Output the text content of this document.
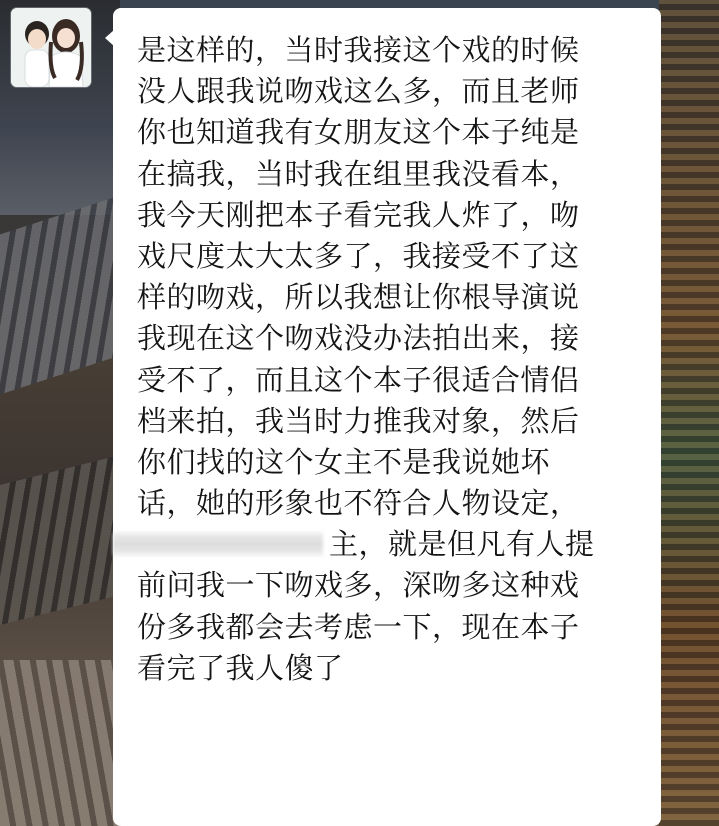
是这样的，当时我接这个戏的时候
没人跟我说吻戏这么多，而且老师
你也知道我有女朋友这个本子纯是
在搞我，当时我在组里我没看本，
我今天刚把本子看完我人炸了，吻
戏尺度太大太多了，我接受不了这
样的吻戏，所以我想让你根导演说
我现在这个吻戏没办法拍出来，接
受不了，而且这个本子很适合情侣
档来拍，我当时力推我对象，然后
你们找的这个女主不是我说她坏
话，她的形象也不符合人物设定，
主，就是但凡有人提
前问我一下吻戏多，深吻多这种戏
份多我都会去考虑一下，现在本子
看完了我人傻了
